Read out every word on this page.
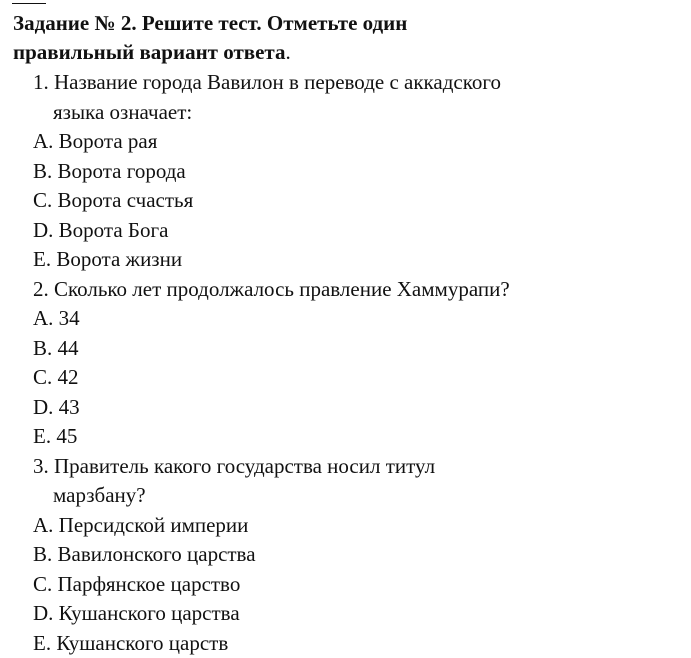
Задание № 2. Решите тест. Отметьте один
правильный вариант ответа.
1. Название города Вавилон в переводе с аккадского
языка означает:
A. Ворота рая
B. Ворота города
C. Ворота счастья
D. Ворота Бога
E. Ворота жизни
2. Сколько лет продолжалось правление Хаммурапи?
A. 34
B. 44
C. 42
D. 43
E. 45
3. Правитель какого государства носил титул
марзбану?
A. Персидской империи
B. Вавилонского царства
C. Парфянское царство
D. Кушанского царства
E. Кушанского царств
